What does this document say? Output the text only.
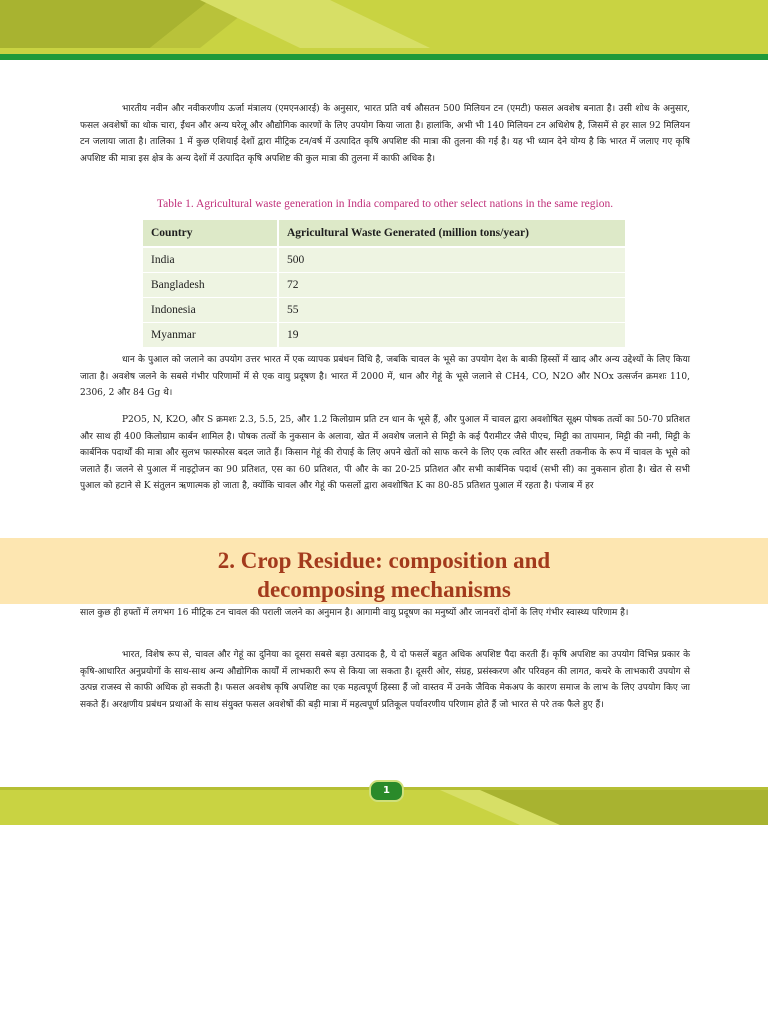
भारतीय नवीन और नवीकरणीय ऊर्जा मंत्रालय (एमएनआरई) के अनुसार, भारत प्रति वर्ष औसतन 500 मिलियन टन (एमटी) फसल अवशेष बनाता है। उसी शोध के अनुसार, फसल अवशेषों का थोक चारा, ईंधन और अन्य घरेलू और औद्योगिक कारणों के लिए उपयोग किया जाता है। हालांकि, अभी भी 140 मिलियन टन अधिशेष है, जिसमें से हर साल 92 मिलियन टन जलाया जाता है। तालिका 1 में कुछ एशियाई देशों द्वारा मीट्रिक टन/वर्ष में उत्पादित कृषि अपशिष्ट की मात्रा की तुलना की गई है। यह भी ध्यान देने योग्य है कि भारत में जलाए गए कृषि अपशिष्ट की मात्रा इस क्षेत्र के अन्य देशों में उत्पादित कृषि अपशिष्ट की कुल मात्रा की तुलना में काफी अधिक है।

Table 1. Agricultural waste generation in India compared to other select nations in the same region.
Country	Agricultural Waste Generated (million tons/year)
India	500
Bangladesh	72
Indonesia	55
Myanmar	19

धान के पुआल को जलाने का उपयोग उत्तर भारत में एक व्यापक प्रबंधन विधि है, जबकि चावल के भूसे का उपयोग देश के बाकी हिस्सों में खाद और अन्य उद्देश्यों के लिए किया जाता है। अवशेष जलने के सबसे गंभीर परिणामों में से एक वायु प्रदूषण है। भारत में 2000 में, धान और गेहूं के भूसे जलाने से CH4, CO, N2O और NOx उत्सर्जन क्रमशः 110, 2306, 2 और 84 Gg थे।

P2O5, N, K2O, और S क्रमशः 2.3, 5.5, 25, और 1.2 किलोग्राम प्रति टन धान के भूसे हैं, और पुआल में चावल द्वारा अवशोषित सूक्ष्म पोषक तत्वों का 50-70 प्रतिशत और साथ ही 400 किलोग्राम कार्बन शामिल है। पोषक तत्वों के नुकसान के अलावा, खेत में अवशेष जलाने से मिट्टी के कई पैरामीटर जैसे पीएच, मिट्टी का तापमान, मिट्टी की नमी, मिट्टी के कार्बनिक पदार्थों की मात्रा और सुलभ फास्फोरस बदल जाते हैं। किसान गेहूं की रोपाई के लिए अपने खेतों को साफ करने के लिए एक त्वरित और सस्ती तकनीक के रूप में चावल के भूसे को जलाते हैं। जलने से पुआल में नाइट्रोजन का 90 प्रतिशत, एस का 60 प्रतिशत, पी और के का 20-25 प्रतिशत और सभी कार्बनिक पदार्थ (सभी सी) का नुकसान होता है। खेत से सभी पुआल को हटाने से K संतुलन ऋणात्मक हो जाता है, क्योंकि चावल और गेहूं की फसलों द्वारा अवशोषित K का 80-85 प्रतिशत पुआल में रहता है। पंजाब में हर

2. Crop Residue: composition and
decomposing mechanisms

साल कुछ ही हफ्तों में लगभग 16 मीट्रिक टन चावल की पराली जलने का अनुमान है। आगामी वायु प्रदूषण का मनुष्यों और जानवरों दोनों के लिए गंभीर स्वास्थ्य परिणाम है।

भारत, विशेष रूप से, चावल और गेहूं का दुनिया का दूसरा सबसे बड़ा उत्पादक है, ये दो फसलें बहुत अधिक अपशिष्ट पैदा करती हैं। कृषि अपशिष्ट का उपयोग विभिन्न प्रकार के कृषि-आधारित अनुप्रयोगों के साथ-साथ अन्य औद्योगिक कार्यों में लाभकारी रूप से किया जा सकता है। दूसरी ओर, संग्रह, प्रसंस्करण और परिवहन की लागत, कचरे के लाभकारी उपयोग से उत्पन्न राजस्व से काफी अधिक हो सकती है। फसल अवशेष कृषि अपशिष्ट का एक महत्वपूर्ण हिस्सा हैं जो वास्तव में उनके जैविक मेकअप के कारण समाज के लाभ के लिए उपयोग किए जा सकते हैं। अरक्षणीय प्रबंधन प्रथाओं के साथ संयुक्त फसल अवशेषों की बड़ी मात्रा में महत्वपूर्ण प्रतिकूल पर्यावरणीय परिणाम होते हैं जो भारत से परे तक फैले हुए हैं।

1
